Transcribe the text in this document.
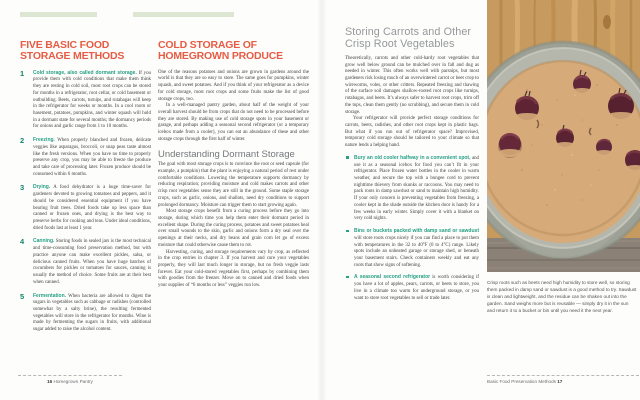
FIVE BASIC FOOD STORAGE METHODS
1 Cold storage, also called dormant storage. If you provide them with cold conditions that make them think they are resting in cold soil, most root crops can be stored for months in a refrigerator, root cellar, or cold basement or outbuilding. Beets, carrots, turnips, and rutabagas will keep in the refrigerator for weeks or months. In a cool room or basement, potatoes, pumpkins, and winter squash will hold in a dormant state for several months; the dormancy periods for onions and garlic range from 1 to 10 months.

2 Freezing. When properly blanched and frozen, delicate veggies like asparagus, broccoli, or snap peas taste almost like the fresh versions. When you have no time to properly preserve any crop, you may be able to freeze the produce and take care of processing later. Frozen produce should be consumed within 6 months.

3 Drying. A food dehydrator is a huge time-saver for gardeners devoted to growing tomatoes and peppers, and it should be considered essential equipment if you have bearing fruit trees. Dried foods take up less space than canned or frozen ones, and drying is the best way to preserve herbs for cooking and teas. Under ideal conditions, dried foods last at least 1 year.

4 Canning. Storing foods in sealed jars is the most technical and time-consuming food preservation method, but with practice anyone can make excellent pickles, salsa, or delicious canned fruits. When you have huge batches of cucumbers for pickles or tomatoes for sauces, canning is usually the method of choice. Some fruits are at their best when canned.

5 Fermentation. When bacteria are allowed to digest the sugars in vegetables such as cabbage or radishes (controlled somewhat by a salty brine), the resulting fermented vegetables will store in the refrigerator for months. Wine is made by fermenting the sugars in fruits, with additional sugar added to raise the alcohol content.

COLD STORAGE OF HOMEGROWN PRODUCE

One of the reasons potatoes and onions are grown in gardens around the world is that they are so easy to store. The same goes for pumpkins, winter squash, and sweet potatoes. And if you think of your refrigerator as a device for cold storage, most root crops and some fruits make the list of good storage crops, too.

In a well-managed pantry garden, about half of the weight of your overall harvest should be from crops that do not need to be processed before they are stored. By making use of cold storage spots in your basement or garage, and perhaps adding a seasonal second refrigerator (or a temporary icebox made from a cooler), you can eat an abundance of these and other storage crops through the first half of winter.

Understanding Dormant Storage

The goal with most storage crops is to convince the root or seed capsule (for example, a pumpkin) that the plant is enjoying a natural period of rest under comfortable conditions. Lowering the temperature supports dormancy by reducing respiration; providing moisture and cold makes carrots and other crisp root vegetables sense they are still in the ground. Some staple storage crops, such as garlic, onions, and shallots, need dry conditions to support prolonged dormancy. Moisture can trigger them to start growing again.

Most storage crops benefit from a curing process before they go into storage, during which time you help them enter their dormant period in excellent shape. During the curing process, potatoes and sweet potatoes heal over small wounds to the skin, garlic and onions form a dry seal over the openings at their necks, and dry beans and grain corn let go of excess moisture that could otherwise cause them to rot.

Harvesting, curing, and storage requirements vary by crop, as reflected in the crop entries in chapter 3. If you harvest and cure your vegetables properly, they will last much longer in storage, but no fresh veggie lasts forever. Eat your cold-stored vegetables first, perhaps by combining them with goodies from the freezer. Move on to canned and dried foods when your supplies of “6 months or less” veggies run low.

16 Homegrown Pantry
Storing Carrots and Other Crisp Root Vegetables

Theoretically, carrots and other cold-hardy root vegetables that grow well below ground can be mulched over in fall and dug as needed in winter. This often works well with parsnips, but most gardeners risk losing much of an overwintered carrot or beet crop to wireworms, voles, or other critters. Repeated freezing and thawing of the surface soil damages shallow-rooted root crops like turnips, rutabagas, and beets. It’s always safer to harvest root crops, trim off the tops, clean them gently (no scrubbing), and secure them in cold storage.

Your refrigerator will provide perfect storage conditions for carrots, beets, radishes, and other root crops kept in plastic bags. But what if you run out of refrigerator space? Improvised, temporary cold storage should be tailored to your climate so that nature lends a helping hand.

Bury an old cooler halfway in a convenient spot, and use it as a seasonal icebox for food you can’t fit in your refrigerator. Place frozen water bottles in the cooler in warm weather, and secure the top with a bungee cord to prevent nighttime thievery from skunks or raccoons. You may need to pack roots in damp sawdust or sand to maintain high humidity. If your only concern is preventing vegetables from freezing, a cooler kept in the shade outside the kitchen door is handy for a few weeks in early winter. Simply cover it with a blanket on very cold nights.

Bins or buckets packed with damp sand or sawdust will store roots crops nicely if you can find a place to put them with temperatures in the 32 to 40°F (0 to 4°C) range. Likely spots include an unheated garage or storage shed, or beneath your basement stairs. Check containers weekly and eat any roots that show signs of softening.

A seasonal second refrigerator is worth considering if you have a lot of apples, pears, carrots, or beets to store, you live in a climate too warm for underground storage, or you want to store root vegetables to sell or trade later.

Crisp roots such as beets need high humidity to store well, so storing them packed in damp sand or sawdust is a good method to try. Sawdust is clean and lightweight, and the residue can be shaken out into the garden. Sand weighs more but is reusable — simply dry it in the sun and return it to a bucket or bin until you need it the next year.

Basic Food Preservation Methods 17
